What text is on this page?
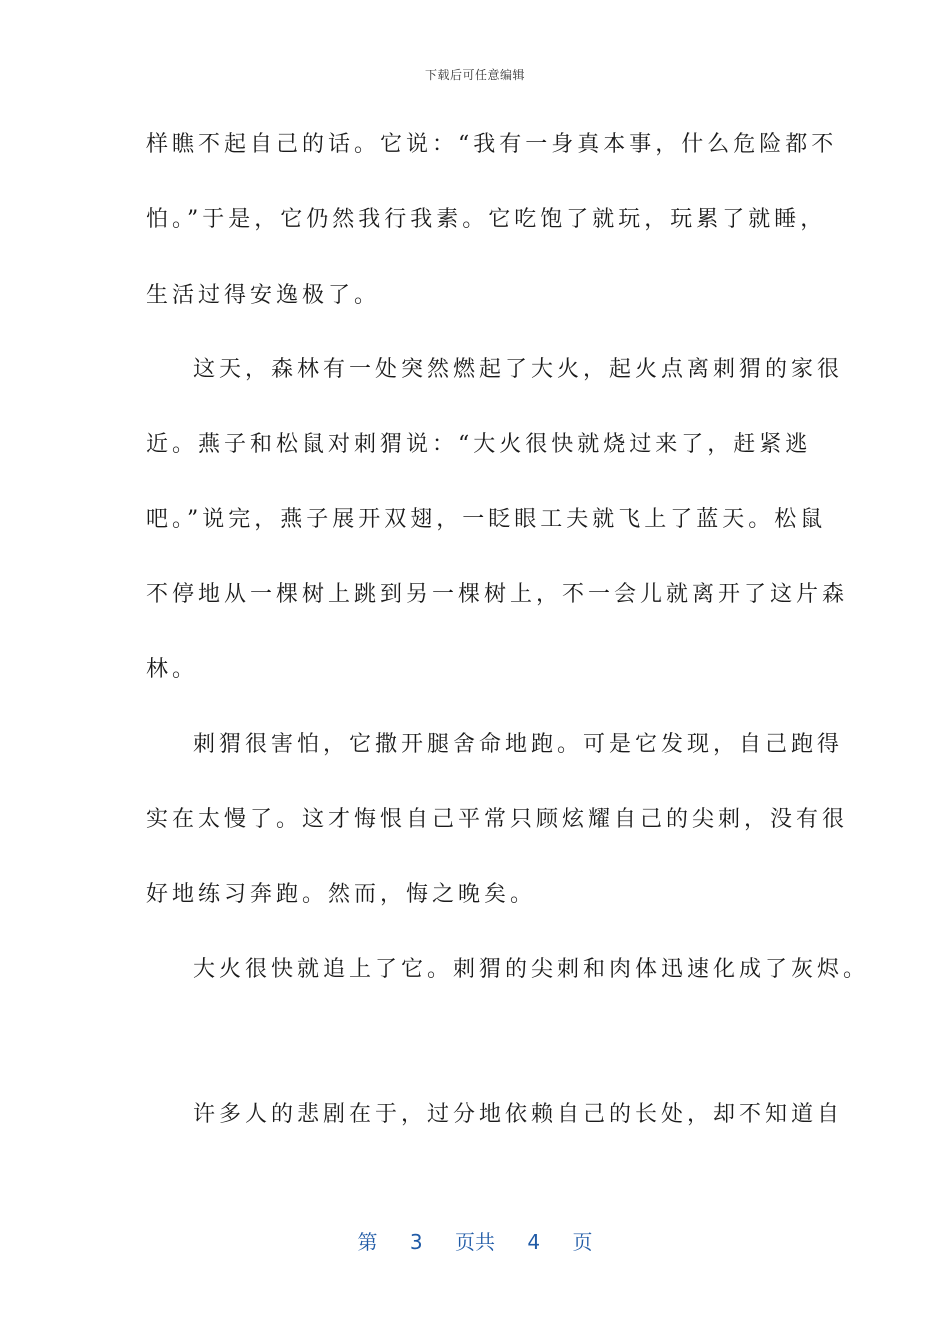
下载后可任意编辑
样瞧不起自己的话。它说：“我有一身真本事，什么危险都不
怕。”于是，它仍然我行我素。它吃饱了就玩，玩累了就睡，
生活过得安逸极了。
这天，森林有一处突然燃起了大火，起火点离刺猬的家很
近。燕子和松鼠对刺猬说：“大火很快就烧过来了，赶紧逃
吧。”说完，燕子展开双翅，一眨眼工夫就飞上了蓝天。松鼠
不停地从一棵树上跳到另一棵树上，不一会儿就离开了这片森
林。
刺猬很害怕，它撒开腿舍命地跑。可是它发现，自己跑得
实在太慢了。这才悔恨自己平常只顾炫耀自己的尖刺，没有很
好地练习奔跑。然而，悔之晚矣。
大火很快就追上了它。刺猬的尖刺和肉体迅速化成了灰烬。
许多人的悲剧在于，过分地依赖自己的长处，却不知道自
第 3 页共 4 页
